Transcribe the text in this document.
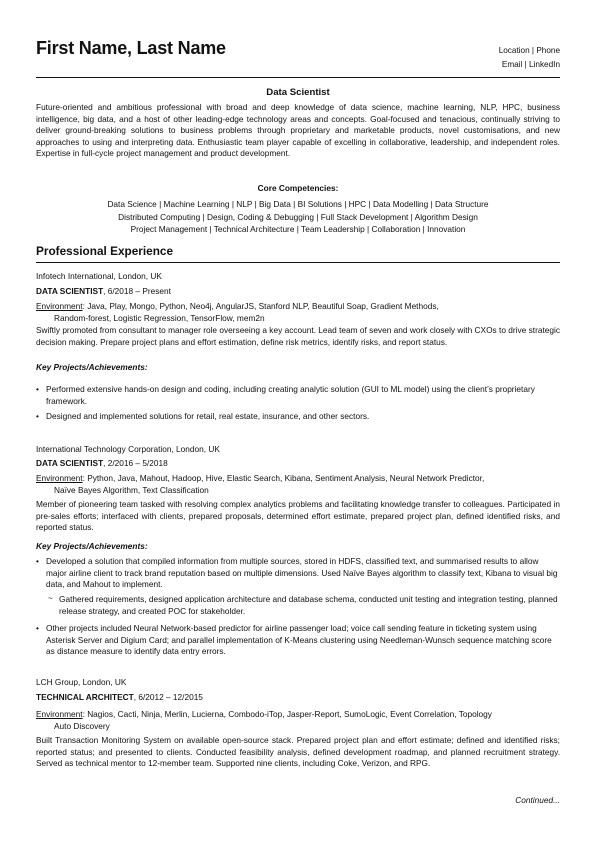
First Name, Last Name	Location | Phone
Email | LinkedIn
Data Scientist
Future-oriented and ambitious professional with broad and deep knowledge of data science, machine learning, NLP, HPC, business intelligence, big data, and a host of other leading-edge technology areas and concepts. Goal-focused and tenacious, continually striving to deliver ground-breaking solutions to business problems through proprietary and marketable products, novel customisations, and new approaches to using and interpreting data. Enthusiastic team player capable of excelling in collaborative, leadership, and independent roles. Expertise in full-cycle project management and product development.
Core Competencies:
Data Science | Machine Learning | NLP | Big Data | BI Solutions | HPC | Data Modelling | Data Structure
Distributed Computing | Design, Coding & Debugging | Full Stack Development | Algorithm Design
Project Management | Technical Architecture | Team Leadership | Collaboration | Innovation
Professional Experience
Infotech International, London, UK
DATA SCIENTIST, 6/2018 – Present
Environment: Java, Play, Mongo, Python, Neo4j, AngularJS, Stanford NLP, Beautiful Soap, Gradient Methods,
Random-forest, Logistic Regression, TensorFlow, mem2n
Swiftly promoted from consultant to manager role overseeing a key account. Lead team of seven and work closely with CXOs to drive strategic decision making. Prepare project plans and effort estimation, define risk metrics, identify risks, and report status.
Key Projects/Achievements:
• Performed extensive hands-on design and coding, including creating analytic solution (GUI to ML model) using the client’s proprietary framework.
• Designed and implemented solutions for retail, real estate, insurance, and other sectors.
International Technology Corporation, London, UK
DATA SCIENTIST, 2/2016 – 5/2018
Environment: Python, Java, Mahout, Hadoop, Hive, Elastic Search, Kibana, Sentiment Analysis, Neural Network Predictor,
Naïve Bayes Algorithm, Text Classification
Member of pioneering team tasked with resolving complex analytics problems and facilitating knowledge transfer to colleagues. Participated in pre-sales efforts; interfaced with clients, prepared proposals, determined effort estimate, prepared project plan, defined identified risks, and reported status.
Key Projects/Achievements:
• Developed a solution that compiled information from multiple sources, stored in HDFS, classified text, and summarised results to allow major airline client to track brand reputation based on multiple dimensions. Used Naïve Bayes algorithm to classify text, Kibana to visual big data, and Mahout to implement.
~ Gathered requirements, designed application architecture and database schema, conducted unit testing and integration testing, planned release strategy, and created POC for stakeholder.
• Other projects included Neural Network-based predictor for airline passenger load; voice call sending feature in ticketing system using Asterisk Server and Digium Card; and parallel implementation of K-Means clustering using Needleman-Wunsch sequence matching score as distance measure to identify data entry errors.
LCH Group, London, UK
TECHNICAL ARCHITECT, 6/2012 – 12/2015
Environment: Nagios, Cacti, Ninja, Merlin, Lucierna, Combodo-iTop, Jasper-Report, SumoLogic, Event Correlation, Topology
Auto Discovery
Built Transaction Monitoring System on available open-source stack. Prepared project plan and effort estimate; defined and identified risks; reported status; and presented to clients. Conducted feasibility analysis, defined development roadmap, and planned recruitment strategy. Served as technical mentor to 12-member team. Supported nine clients, including Coke, Verizon, and RPG.
Continued...
